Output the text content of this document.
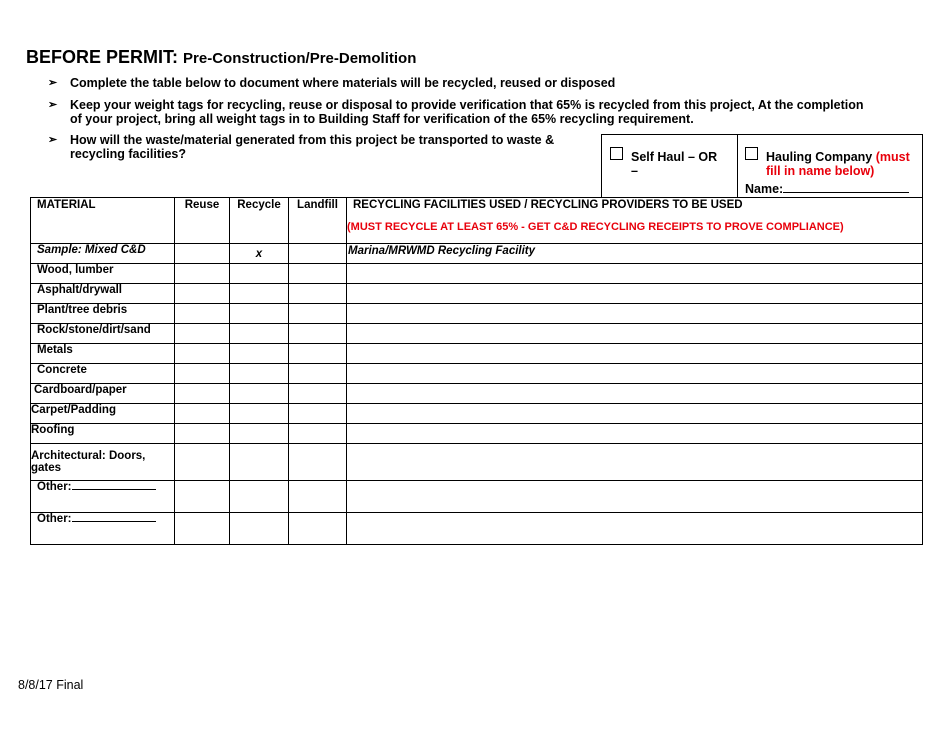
BEFORE PERMIT: Pre-Construction/Pre-Demolition
➢ Complete the table below to document where materials will be recycled, reused or disposed
➢ Keep your weight tags for recycling, reuse or disposal to provide verification that 65% is recycled from this project, At the completion of your project, bring all weight tags in to Building Staff for verification of the 65% recycling requirement.
➢ How will the waste/material generated from this project be transported to waste & recycling facilities?	Self Haul – OR –
Hauling Company (must fill in name below)
Name:
MATERIAL	Reuse	Recycle	Landfill	RECYCLING FACILITIES USED / RECYCLING PROVIDERS TO BE USED
(MUST RECYCLE AT LEAST 65% - GET C&D RECYCLING RECEIPTS TO PROVE COMPLIANCE)

Sample: Mixed C&D		x		Marina/MRWMD Recycling Facility
Wood, lumber				
Asphalt/drywall				
Plant/tree debris				
Rock/stone/dirt/sand				
Metals				
Concrete				
Cardboard/paper				
Carpet/Padding				
Roofing				
Architectural: Doors, gates				
Other:				
Other:				
8/8/17 Final
